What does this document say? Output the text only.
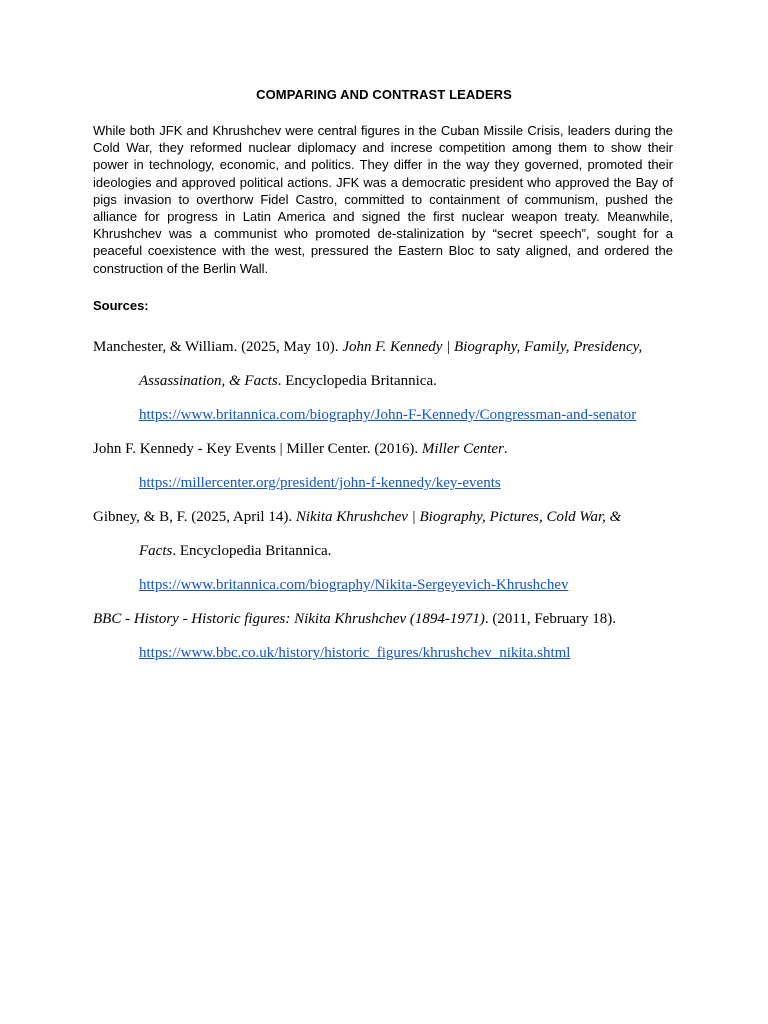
COMPARING AND CONTRAST LEADERS
While both JFK and Khrushchev were central figures in the Cuban Missile Crisis, leaders during the Cold War, they reformed nuclear diplomacy and increse competition among them to show their power in technology, economic, and politics. They differ in the way they governed, promoted their ideologies and approved political actions. JFK was a democratic president who approved the Bay of pigs invasion to overthorw Fidel Castro, committed to containment of communism, pushed the alliance for progress in Latin America and signed the first nuclear weapon treaty. Meanwhile, Khrushchev was a communist who promoted de-stalinization by “secret speech”, sought for a peaceful coexistence with the west, pressured the Eastern Bloc to saty aligned, and ordered the construction of the Berlin Wall.
Sources:
Manchester, & William. (2025, May 10). John F. Kennedy | Biography, Family, Presidency,
Assassination, & Facts. Encyclopedia Britannica.
https://www.britannica.com/biography/John-F-Kennedy/Congressman-and-senator
John F. Kennedy - Key Events | Miller Center. (2016). Miller Center.
https://millercenter.org/president/john-f-kennedy/key-events
Gibney, & B, F. (2025, April 14). Nikita Khrushchev | Biography, Pictures, Cold War, &
Facts. Encyclopedia Britannica.
https://www.britannica.com/biography/Nikita-Sergeyevich-Khrushchev
BBC - History - Historic figures: Nikita Khrushchev (1894-1971). (2011, February 18).
https://www.bbc.co.uk/history/historic_figures/khrushchev_nikita.shtml
